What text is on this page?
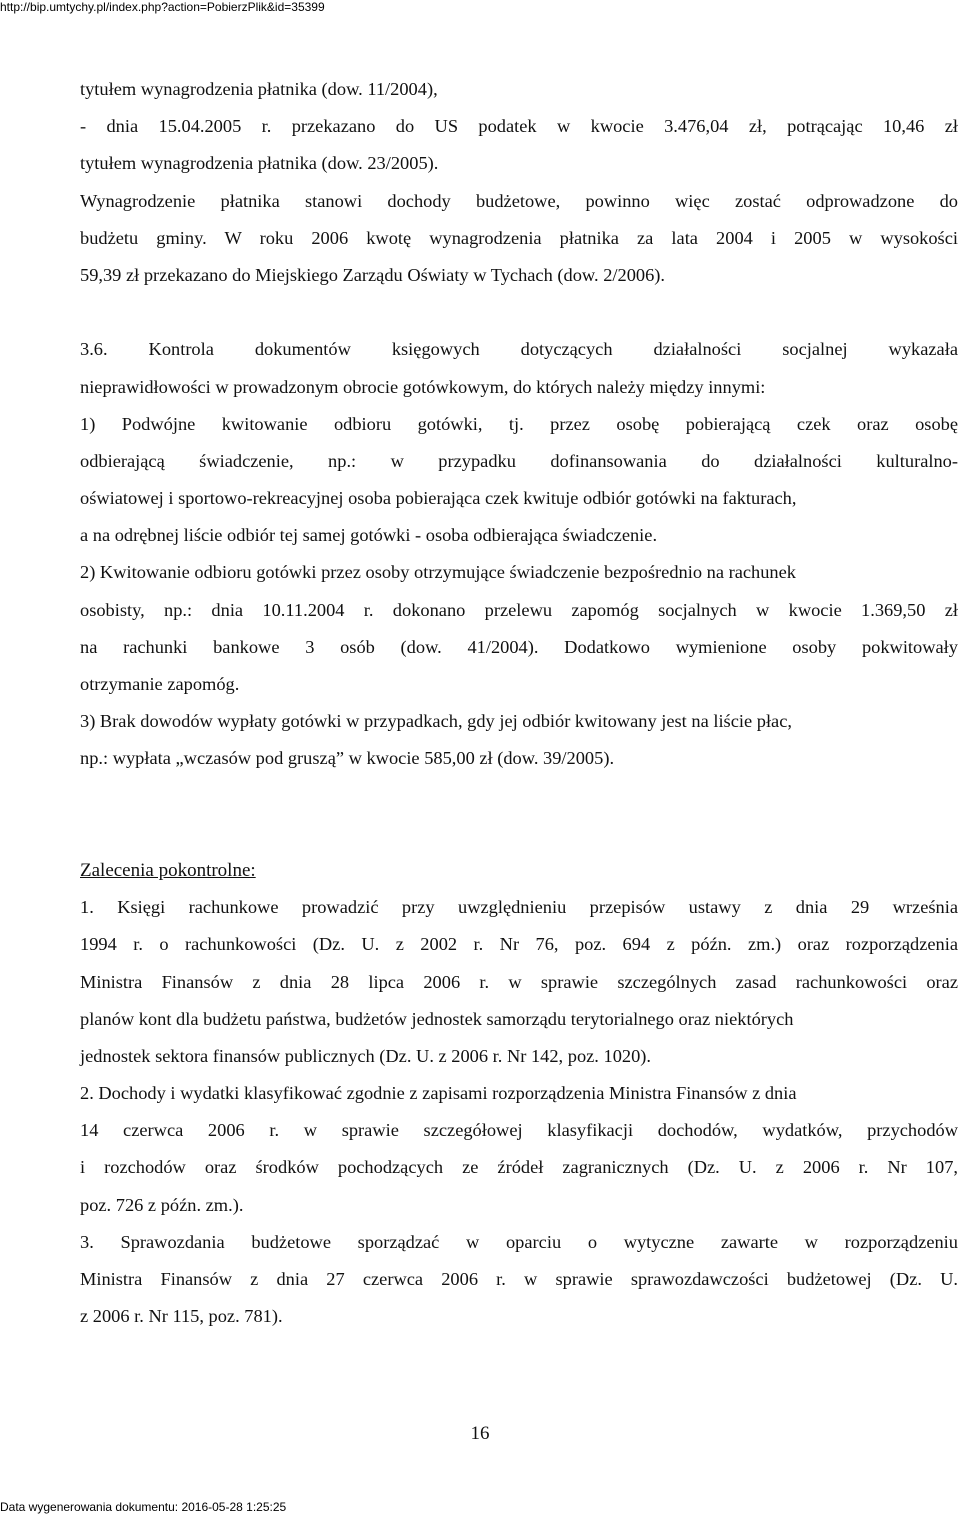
http://bip.umtychy.pl/index.php?action=PobierzPlik&id=35399
tytułem wynagrodzenia płatnika (dow. 11/2004),
- dnia 15.04.2005 r. przekazano do US podatek w kwocie 3.476,04 zł, potrącając 10,46 zł
tytułem wynagrodzenia płatnika (dow. 23/2005).
Wynagrodzenie płatnika stanowi dochody budżetowe, powinno więc zostać odprowadzone do
budżetu gminy. W roku 2006 kwotę wynagrodzenia płatnika za lata 2004 i 2005 w wysokości
59,39 zł przekazano do Miejskiego Zarządu Oświaty w Tychach (dow. 2/2006).
3.6. Kontrola dokumentów księgowych dotyczących działalności socjalnej wykazała
nieprawidłowości w prowadzonym obrocie gotówkowym, do których należy między innymi:
1) Podwójne kwitowanie odbioru gotówki, tj. przez osobę pobierającą czek oraz osobę
odbierającą świadczenie, np.: w przypadku dofinansowania do działalności kulturalno-
oświatowej i sportowo-rekreacyjnej osoba pobierająca czek kwituje odbiór gotówki na fakturach,
a na odrębnej liście odbiór tej samej gotówki - osoba odbierająca świadczenie.
2) Kwitowanie odbioru gotówki przez osoby otrzymujące świadczenie bezpośrednio na rachunek
osobisty, np.: dnia 10.11.2004 r. dokonano przelewu zapomóg socjalnych w kwocie 1.369,50 zł
na rachunki bankowe 3 osób (dow. 41/2004). Dodatkowo wymienione osoby pokwitowały
otrzymanie zapomóg.
3) Brak dowodów wypłaty gotówki w przypadkach, gdy jej odbiór kwitowany jest na liście płac,
np.: wypłata „wczasów pod gruszą” w kwocie 585,00 zł (dow. 39/2005).
Zalecenia pokontrolne:
1. Księgi rachunkowe prowadzić przy uwzględnieniu przepisów ustawy z dnia 29 września
1994 r. o rachunkowości (Dz. U. z 2002 r. Nr 76, poz. 694 z późn. zm.) oraz rozporządzenia
Ministra Finansów z dnia 28 lipca 2006 r. w sprawie szczególnych zasad rachunkowości oraz
planów kont dla budżetu państwa, budżetów jednostek samorządu terytorialnego oraz niektórych
jednostek sektora finansów publicznych (Dz. U. z 2006 r. Nr 142, poz. 1020).
2. Dochody i wydatki klasyfikować zgodnie z zapisami rozporządzenia Ministra Finansów z dnia
14 czerwca 2006 r. w sprawie szczegółowej klasyfikacji dochodów, wydatków, przychodów
i rozchodów oraz środków pochodzących ze źródeł zagranicznych (Dz. U. z 2006 r. Nr 107,
poz. 726 z późn. zm.).
3. Sprawozdania budżetowe sporządzać w oparciu o wytyczne zawarte w rozporządzeniu
Ministra Finansów z dnia 27 czerwca 2006 r. w sprawie sprawozdawczości budżetowej (Dz. U.
z 2006 r. Nr 115, poz. 781).
16
Data wygenerowania dokumentu: 2016-05-28 1:25:25
